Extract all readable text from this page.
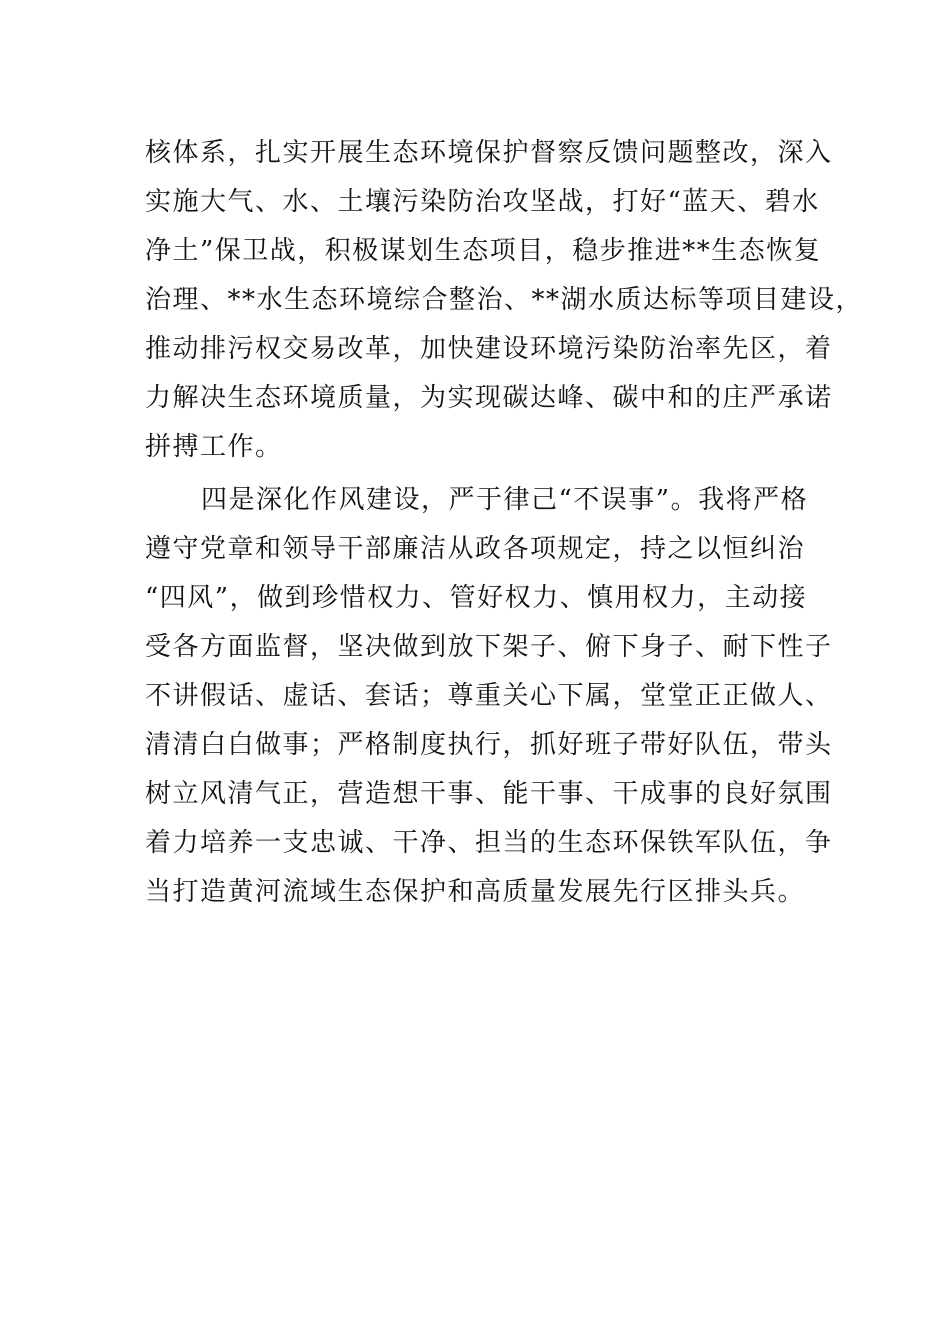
核体系，扎实开展生态环境保护督察反馈问题整改，深入
实施大气、水、土壤污染防治攻坚战，打好“蓝天、碧水
净土”保卫战，积极谋划生态项目，稳步推进**生态恢复
治理、**水生态环境综合整治、**湖水质达标等项目建设，
推动排污权交易改革，加快建设环境污染防治率先区，着
力解决生态环境质量，为实现碳达峰、碳中和的庄严承诺
拼搏工作。
四是深化作风建设，严于律己“不误事”。我将严格
遵守党章和领导干部廉洁从政各项规定，持之以恒纠治
“四风”，做到珍惜权力、管好权力、慎用权力，主动接
受各方面监督，坚决做到放下架子、俯下身子、耐下性子
不讲假话、虚话、套话；尊重关心下属，堂堂正正做人、
清清白白做事；严格制度执行，抓好班子带好队伍，带头
树立风清气正，营造想干事、能干事、干成事的良好氛围
着力培养一支忠诚、干净、担当的生态环保铁军队伍，争
当打造黄河流域生态保护和高质量发展先行区排头兵。
